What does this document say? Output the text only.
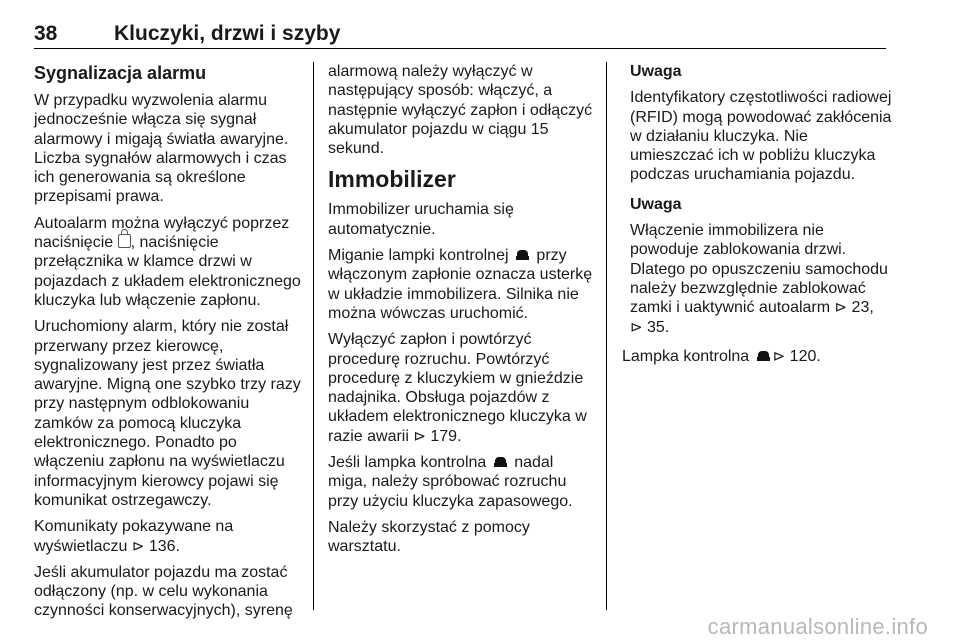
38	Kluczyki, drzwi i szyby

Sygnalizacja alarmu

W przypadku wyzwolenia alarmu jednocześnie włącza się sygnał alarmowy i migają światła awaryjne. Liczba sygnałów alarmowych i czas ich generowania są określone przepisami prawa.

Autoalarm można wyłączyć poprzez naciśnięcie , naciśnięcie przełącznika w klamce drzwi w pojazdach z układem elektronicznego kluczyka lub włączenie zapłonu.

Uruchomiony alarm, który nie został przerwany przez kierowcę, sygnalizowany jest przez światła awaryjne. Migną one szybko trzy razy przy następnym odblokowaniu zamków za pomocą kluczyka elektronicznego. Ponadto po włączeniu zapłonu na wyświetlaczu informacyjnym kierowcy pojawi się komunikat ostrzegawczy.

Komunikaty pokazywane na wyświetlaczu ⊳ 136.

Jeśli akumulator pojazdu ma zostać odłączony (np. w celu wykonania czynności konserwacyjnych), syrenę

alarmową należy wyłączyć w następujący sposób: włączyć, a następnie wyłączyć zapłon i odłączyć akumulator pojazdu w ciągu 15 sekund.

Immobilizer

Immobilizer uruchamia się automatycznie.

Miganie lampki kontrolnej  przy włączonym zapłonie oznacza usterkę w układzie immobilizera. Silnika nie można wówczas uruchomić.

Wyłączyć zapłon i powtórzyć procedurę rozruchu. Powtórzyć procedurę z kluczykiem w gnieździe nadajnika. Obsługa pojazdów z układem elektronicznego kluczyka w razie awarii ⊳ 179.

Jeśli lampka kontrolna  nadal miga, należy spróbować rozruchu przy użyciu kluczyka zapasowego.

Należy skorzystać z pomocy warsztatu.

Uwaga

Identyfikatory częstotliwości radiowej (RFID) mogą powodować zakłócenia w działaniu kluczyka. Nie umieszczać ich w pobliżu kluczyka podczas uruchamiania pojazdu.

Uwaga

Włączenie immobilizera nie powoduje zablokowania drzwi. Dlatego po opuszczeniu samochodu należy bezwzględnie zablokować zamki i uaktywnić autoalarm ⊳ 23,
⊳ 35.

Lampka kontrolna ⊳ 120.

carmanualsonline.info
